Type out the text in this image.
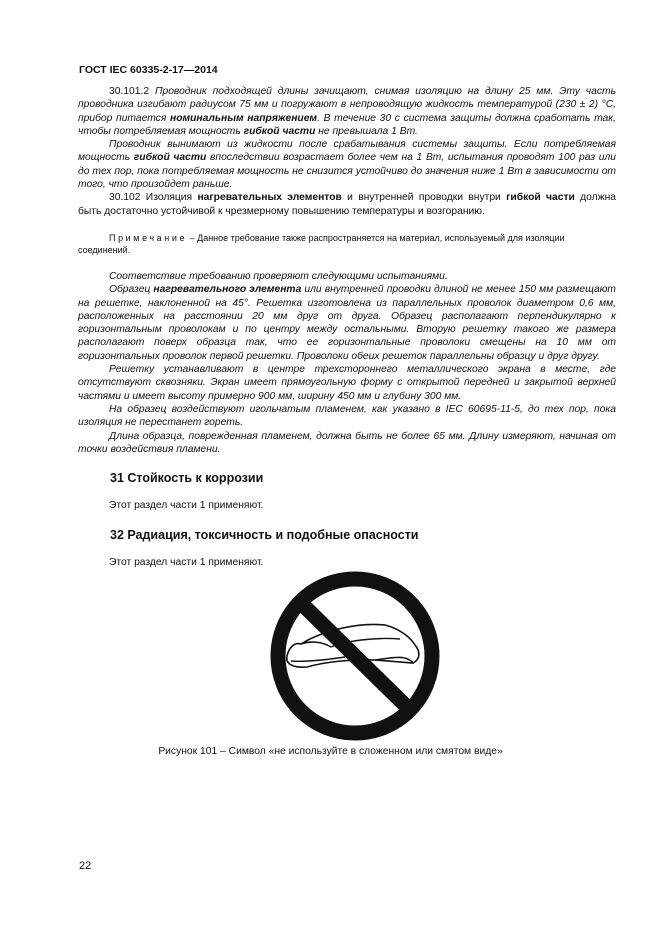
ГОСТ IEC 60335-2-17—2014

30.101.2 Проводник подходящей длины зачищают, снимая изоляцию на длину 25 мм. Эту часть проводника изгибают радиусом 75 мм и погружают в непроводящую жидкость температурой (230 ± 2) °С, прибор питается номинальным напряжением. В течение 30 с система защиты должна сработать так, чтобы потребляемая мощность гибкой части не превышала 1 Вт.

Проводник вынимают из жидкости после срабатывания системы защиты. Если потребляемая мощность гибкой части впоследствии возрастает более чем на 1 Вт, испытания проводят 100 раз или до тех пор, пока потребляемая мощность не снизится устойчиво до значения ниже 1 Вт в зависимости от того, что произойдет раньше.

30.102 Изоляция нагревательных элементов и внутренней проводки внутри гибкой части должна быть достаточно устойчивой к чрезмерному повышению температуры и возгоранию.

Примечание – Данное требование также распространяется на материал, используемый для изоляции соединений.

Соответствие требованию проверяют следующими испытаниями.

Образец нагревательного элемента или внутренней проводки длиной не менее 150 мм размещают на решетке, наклоненной на 45°. Решетка изготовлена из параллельных проволок диаметром 0,6 мм, расположенных на расстоянии 20 мм друг от друга. Образец располагают перпендикулярно к горизонтальным проволокам и по центру между остальными. Вторую решетку такого же размера располагают поверх образца так, что ее горизонтальные проволоки смещены на 10 мм от горизонтальных проволок первой решетки. Проволоки обеих решеток параллельны образцу и друг другу.

Решетку устанавливают в центре трехстороннего металлического экрана в месте, где отсутствуют сквозняки. Экран имеет прямоугольную форму с открытой передней и закрытой верхней частями и имеет высоту примерно 900 мм, ширину 450 мм и глубину 300 мм.

На образец воздействуют игольчатым пламенем, как указано в IEC 60695-11-5, до тех пор, пока изоляция не перестанет гореть.

Длина образца, поврежденная пламенем, должна быть не более 65 мм. Длину измеряют, начиная от точки воздействия пламени.

31 Стойкость к коррозии

Этот раздел части 1 применяют.

32 Радиация, токсичность и подобные опасности

Этот раздел части 1 применяют.

Рисунок 101 – Символ «не используйте в сложенном или смятом виде»
22
